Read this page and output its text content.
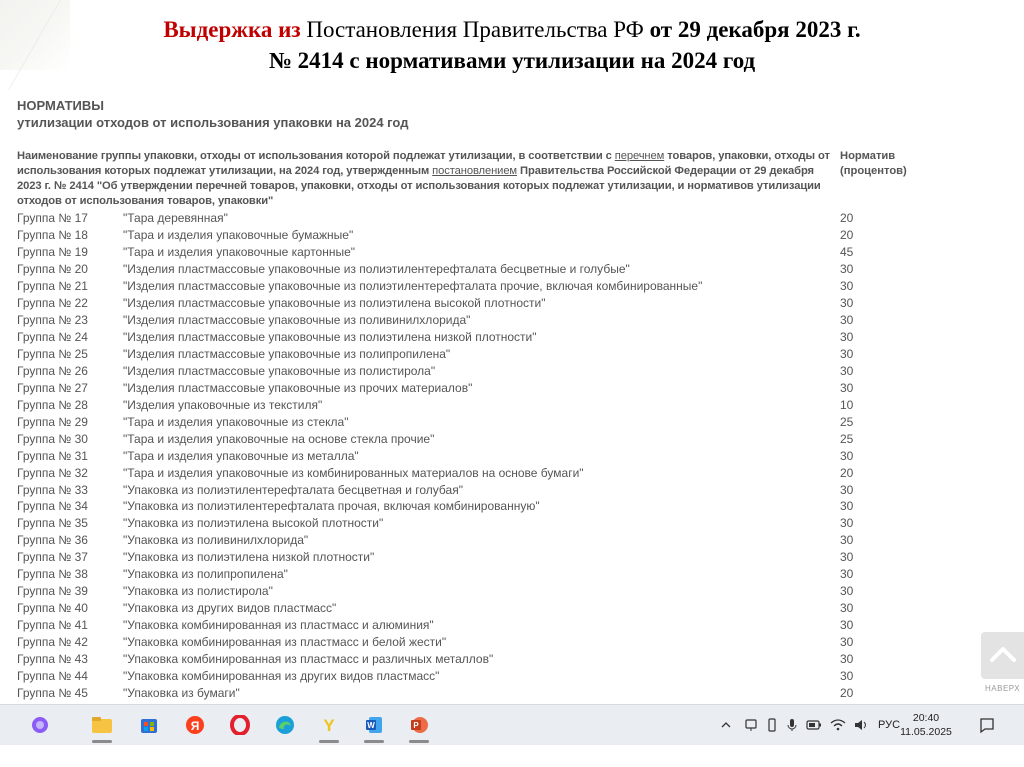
Выдержка из Постановления Правительства РФ от 29 декабря 2023 г.
№ 2414 с нормативами утилизации на 2024 год
НОРМАТИВЫ
утилизации отходов от использования упаковки на 2024 год
Наименование группы упаковки, отходы от использования которой подлежат утилизации, в соответствии с перечнем товаров, упаковки, отходы от использования которых подлежат утилизации, на 2024 год, утвержденным постановлением Правительства Российской Федерации от 29 декабря 2023 г. № 2414 "Об утверждении перечней товаров, упаковки, отходы от использования которых подлежат утилизации, и нормативов утилизации отходов от использования товаров, упаковки"
Норматив (процентов)
Группа № 17	"Тара деревянная"	20
Группа № 18	"Тара и изделия упаковочные бумажные"	20
Группа № 19	"Тара и изделия упаковочные картонные"	45
Группа № 20	"Изделия пластмассовые упаковочные из полиэтилентерефталата бесцветные и голубые"	30
Группа № 21	"Изделия пластмассовые упаковочные из полиэтилентерефталата прочие, включая комбинированные"	30
Группа № 22	"Изделия пластмассовые упаковочные из полиэтилена высокой плотности"	30
Группа № 23	"Изделия пластмассовые упаковочные из поливинилхлорида"	30
Группа № 24	"Изделия пластмассовые упаковочные из полиэтилена низкой плотности"	30
Группа № 25	"Изделия пластмассовые упаковочные из полипропилена"	30
Группа № 26	"Изделия пластмассовые упаковочные из полистирола"	30
Группа № 27	"Изделия пластмассовые упаковочные из прочих материалов"	30
Группа № 28	"Изделия упаковочные из текстиля"	10
Группа № 29	"Тара и изделия упаковочные из стекла"	25
Группа № 30	"Тара и изделия упаковочные на основе стекла прочие"	25
Группа № 31	"Тара и изделия упаковочные из металла"	30
Группа № 32	"Тара и изделия упаковочные из комбинированных материалов на основе бумаги"	20
Группа № 33	"Упаковка из полиэтилентерефталата бесцветная и голубая"	30
Группа № 34	"Упаковка из полиэтилентерефталата прочая, включая комбинированную"	30
Группа № 35	"Упаковка из полиэтилена высокой плотности"	30
Группа № 36	"Упаковка из поливинилхлорида"	30
Группа № 37	"Упаковка из полиэтилена низкой плотности"	30
Группа № 38	"Упаковка из полипропилена"	30
Группа № 39	"Упаковка из полистирола"	30
Группа № 40	"Упаковка из других видов пластмасс"	30
Группа № 41	"Упаковка комбинированная из пластмасс и алюминия"	30
Группа № 42	"Упаковка комбинированная из пластмасс и белой жести"	30
Группа № 43	"Упаковка комбинированная из пластмасс и различных металлов"	30
Группа № 44	"Упаковка комбинированная из других видов пластмасс"	30
Группа № 45	"Упаковка из бумаги"	20	НАВЕРХ
Я	Y	W	P	РУС
20:40
11.05.2025
